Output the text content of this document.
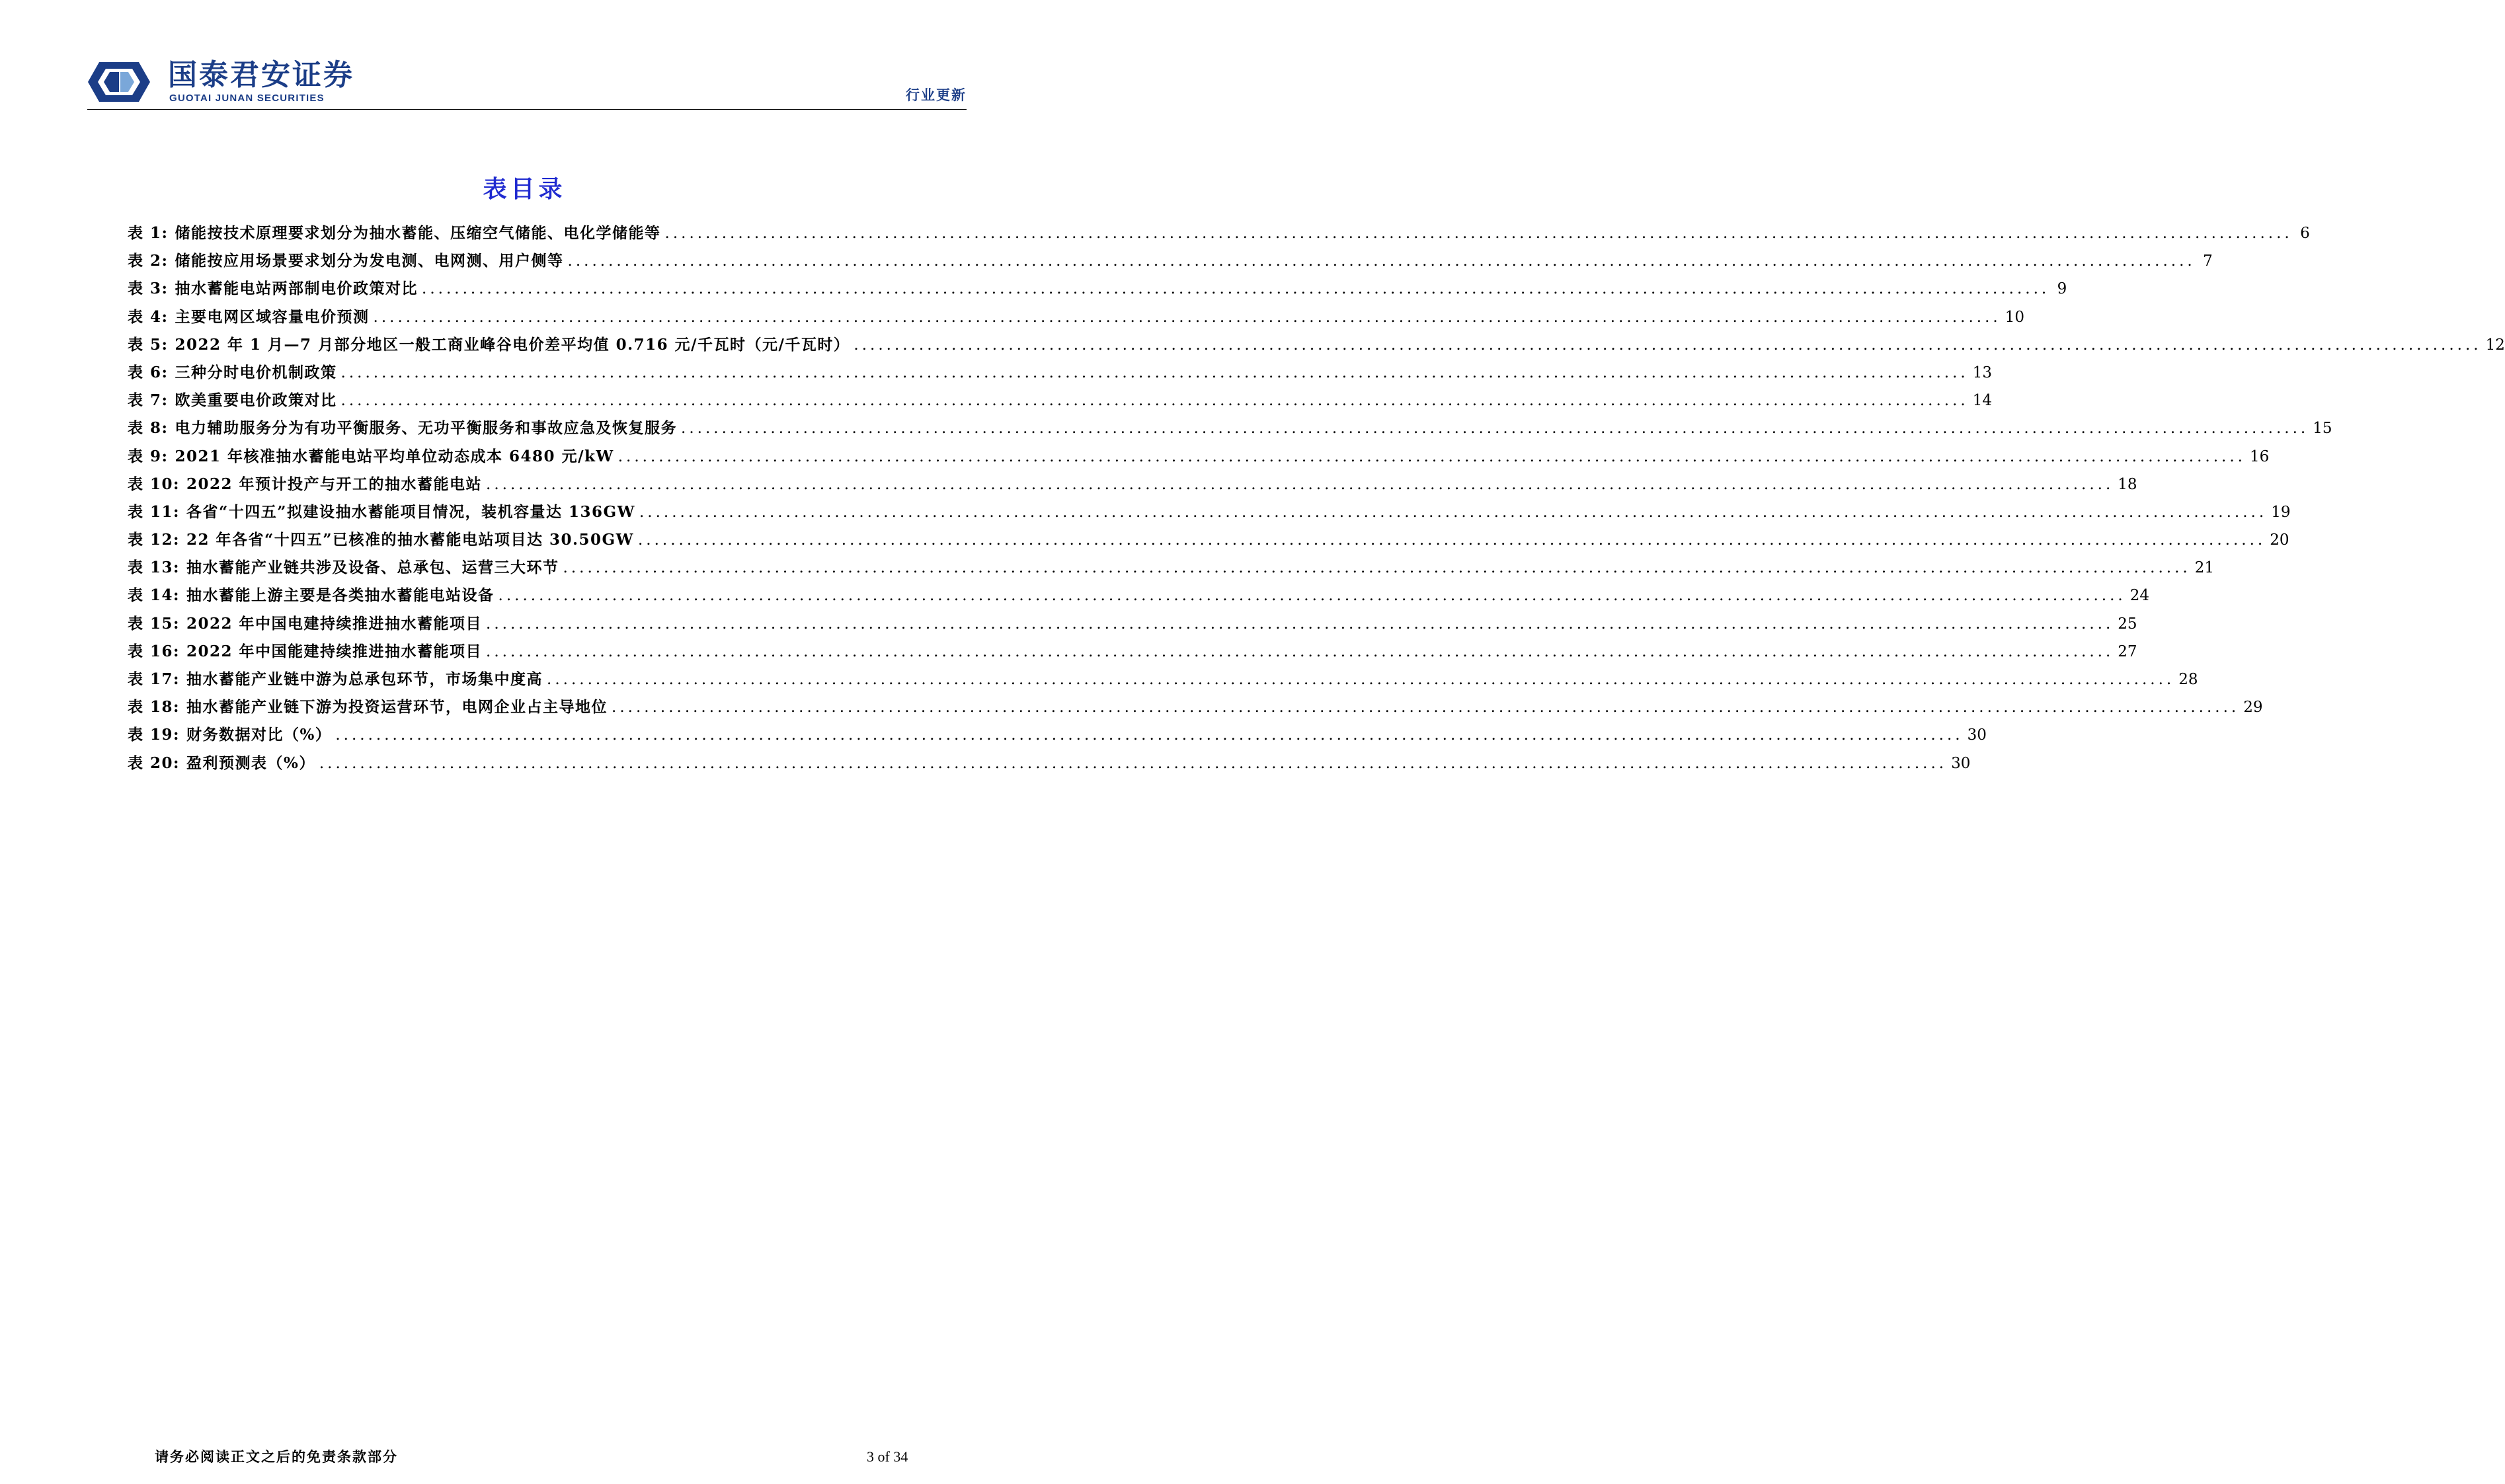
国泰君安证券
GUOTAI JUNAN SECURITIES	行业更新
表目录
表 1: 储能按技术原理要求划分为抽水蓄能、压缩空气储能、电化学储能等 ........................................................................................................................................................................................................ 6
表 2: 储能按应用场景要求划分为发电测、电网测、用户侧等 ........................................................................................................................................................................................................ 7
表 3: 抽水蓄能电站两部制电价政策对比 ........................................................................................................................................................................................................ 9
表 4: 主要电网区域容量电价预测 ........................................................................................................................................................................................................ 10
表 5: 2022 年 1 月—7 月部分地区一般工商业峰谷电价差平均值 0.716 元/千瓦时（元/千瓦时） ........................................................................................................................................................................................................ 12
表 6: 三种分时电价机制政策 ........................................................................................................................................................................................................ 13
表 7: 欧美重要电价政策对比 ........................................................................................................................................................................................................ 14
表 8: 电力辅助服务分为有功平衡服务、无功平衡服务和事故应急及恢复服务 ........................................................................................................................................................................................................ 15
表 9: 2021 年核准抽水蓄能电站平均单位动态成本 6480 元/kW ........................................................................................................................................................................................................ 16
表 10: 2022 年预计投产与开工的抽水蓄能电站 ........................................................................................................................................................................................................ 18
表 11: 各省“十四五”拟建设抽水蓄能项目情况，装机容量达 136GW ........................................................................................................................................................................................................ 19
表 12: 22 年各省“十四五”已核准的抽水蓄能电站项目达 30.50GW ........................................................................................................................................................................................................ 20
表 13: 抽水蓄能产业链共涉及设备、总承包、运营三大环节 ........................................................................................................................................................................................................ 21
表 14: 抽水蓄能上游主要是各类抽水蓄能电站设备 ........................................................................................................................................................................................................ 24
表 15: 2022 年中国电建持续推进抽水蓄能项目 ........................................................................................................................................................................................................ 25
表 16: 2022 年中国能建持续推进抽水蓄能项目 ........................................................................................................................................................................................................ 27
表 17: 抽水蓄能产业链中游为总承包环节，市场集中度高 ........................................................................................................................................................................................................ 28
表 18: 抽水蓄能产业链下游为投资运营环节，电网企业占主导地位 ........................................................................................................................................................................................................ 29
表 19: 财务数据对比（%） ........................................................................................................................................................................................................ 30
表 20: 盈利预测表（%） ........................................................................................................................................................................................................ 30
请务必阅读正文之后的免责条款部分	3 of 34
